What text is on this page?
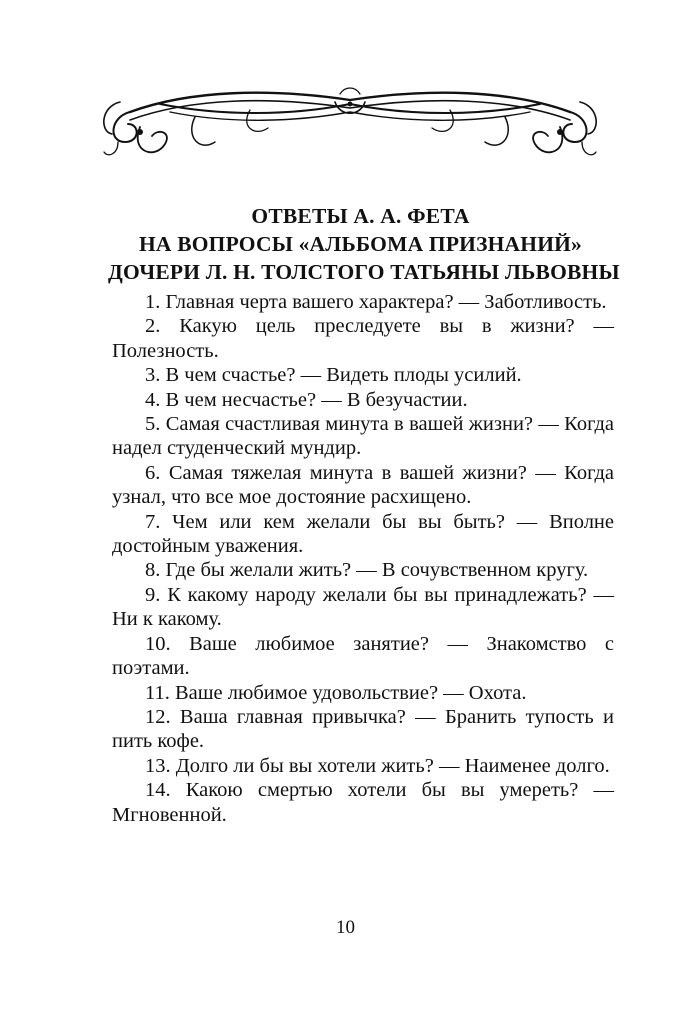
ОТВЕТЫ А. А. ФЕТА
НА ВОПРОСЫ «АЛЬБОМА ПРИЗНАНИЙ»
ДОЧЕРИ Л. Н. ТОЛСТОГО ТАТЬЯНЫ ЛЬВОВНЫ

1. Главная черта вашего характера? — Заботливость.

2. Какую цель преследуете вы в жизни? — Полезность.

3. В чем счастье? — Видеть плоды усилий.

4. В чем несчастье? — В безучастии.

5. Самая счастливая минута в вашей жизни? — Когда надел студенческий мундир.

6. Самая тяжелая минута в вашей жизни? — Когда узнал, что все мое достояние расхищено.

7. Чем или кем желали бы вы быть? — Вполне достойным уважения.

8. Где бы желали жить? — В сочувственном кругу.

9. К какому народу желали бы вы принадлежать? — Ни к какому.

10. Ваше любимое занятие? — Знакомство с поэтами.

11. Ваше любимое удовольствие? — Охота.

12. Ваша главная привычка? — Бранить тупость и пить кофе.

13. Долго ли бы вы хотели жить? — Наименее долго.

14. Какою смертью хотели бы вы умереть? — Мгновенной.

10
